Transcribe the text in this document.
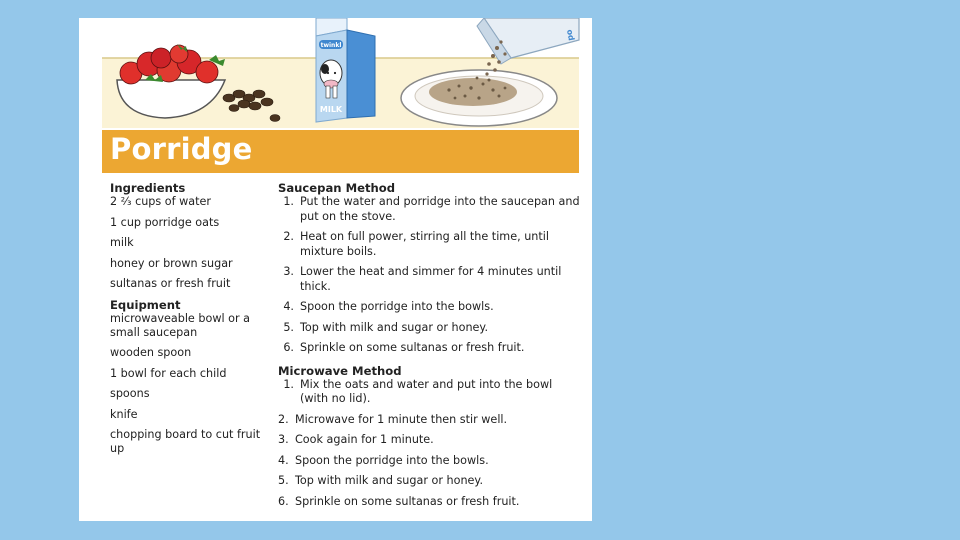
twinkl
MILK
od
Porridge
Ingredients
2 ²⁄₃ cups of water
1 cup porridge oats
milk
honey or brown sugar
sultanas or fresh fruit
Equipment
microwaveable bowl or a small saucepan
wooden spoon
1 bowl for each child
spoons
knife
chopping board to cut fruit up
Saucepan Method
1. Put the water and porridge into the saucepan and put on the stove.
2. Heat on full power, stirring all the time, until mixture boils.
3. Lower the heat and simmer for 4 minutes until thick.
4. Spoon the porridge into the bowls.
5. Top with milk and sugar or honey.
6. Sprinkle on some sultanas or fresh fruit.
Microwave Method
1. Mix the oats and water and put into the bowl (with no lid).
2. Microwave for 1 minute then stir well.
3. Cook again for 1 minute.
4. Spoon the porridge into the bowls.
5. Top with milk and sugar or honey.
6. Sprinkle on some sultanas or fresh fruit.
